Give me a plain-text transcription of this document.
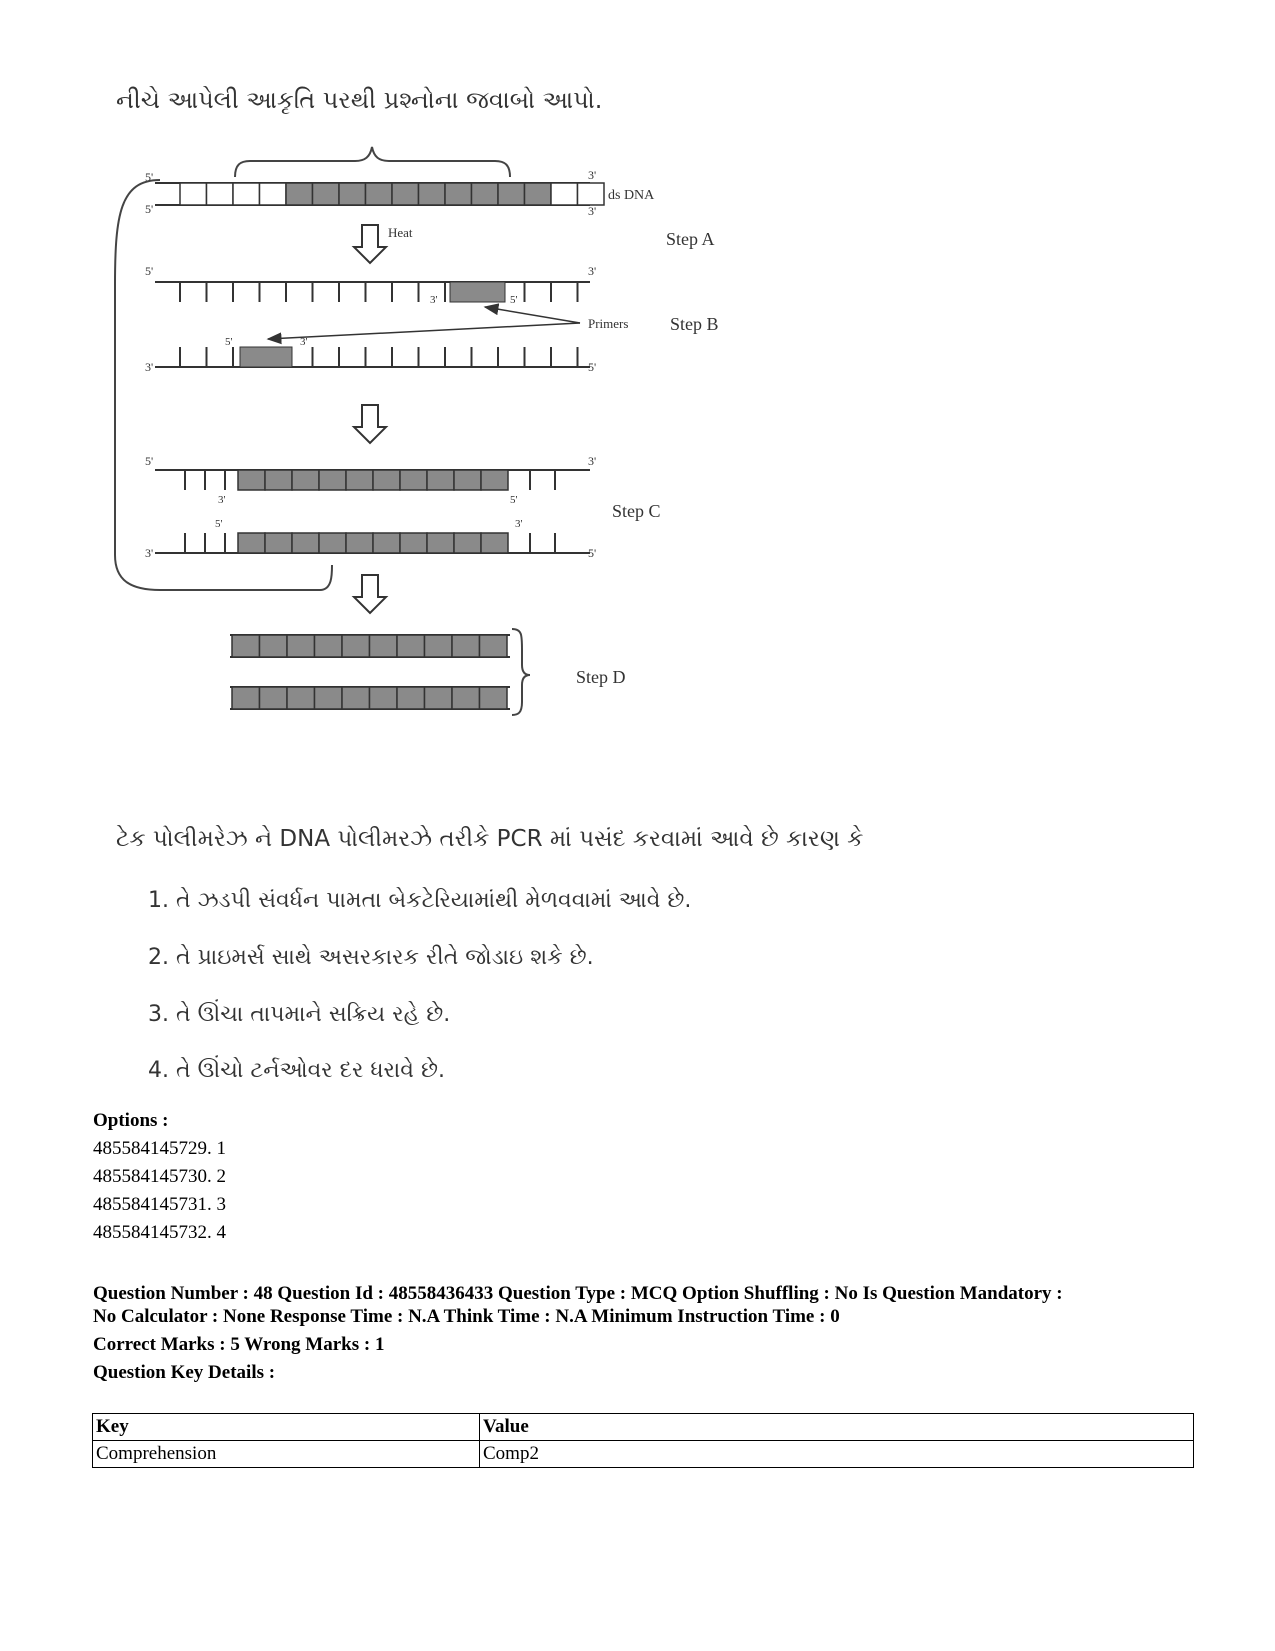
નીચે આપેલી આકૃતિ પરથી પ્રશ્નોના જવાબો આપો.
5'
5'
3'
3'
ds DNA
Step A
Heat
5'	3'
3'	5'
Primers Step B
5'	3'
3'	5'
5'	3'
3'	5'
5'	3'
Step C
3'	5'
Step D
ટેક પોલીમરેઝ ને DNA પોલીમરઝે તરીકે PCR માં પસંદ કરવામાં આવે છે કારણ કે
1. તે ઝડપી સંવર્ધન પામતા બેકટેરિયામાંથી મેળવવામાં આવે છે.
2. તે પ્રાઇમર્સ સાથે અસરકારક રીતે જોડાઇ શકે છે.
3. તે ઊંચા તાપમાને સક્રિય રહે છે.
4. તે ઊંચો ટર્નઓવર દર ધરાવે છે.
Options :
485584145729. 1
485584145730. 2
485584145731. 3
485584145732. 4
Question Number : 48 Question Id : 48558436433 Question Type : MCQ Option Shuffling : No Is Question Mandatory :
No Calculator : None Response Time : N.A Think Time : N.A Minimum Instruction Time : 0
Correct Marks : 5 Wrong Marks : 1
Question Key Details :
Key	Value
Comprehension	Comp2
